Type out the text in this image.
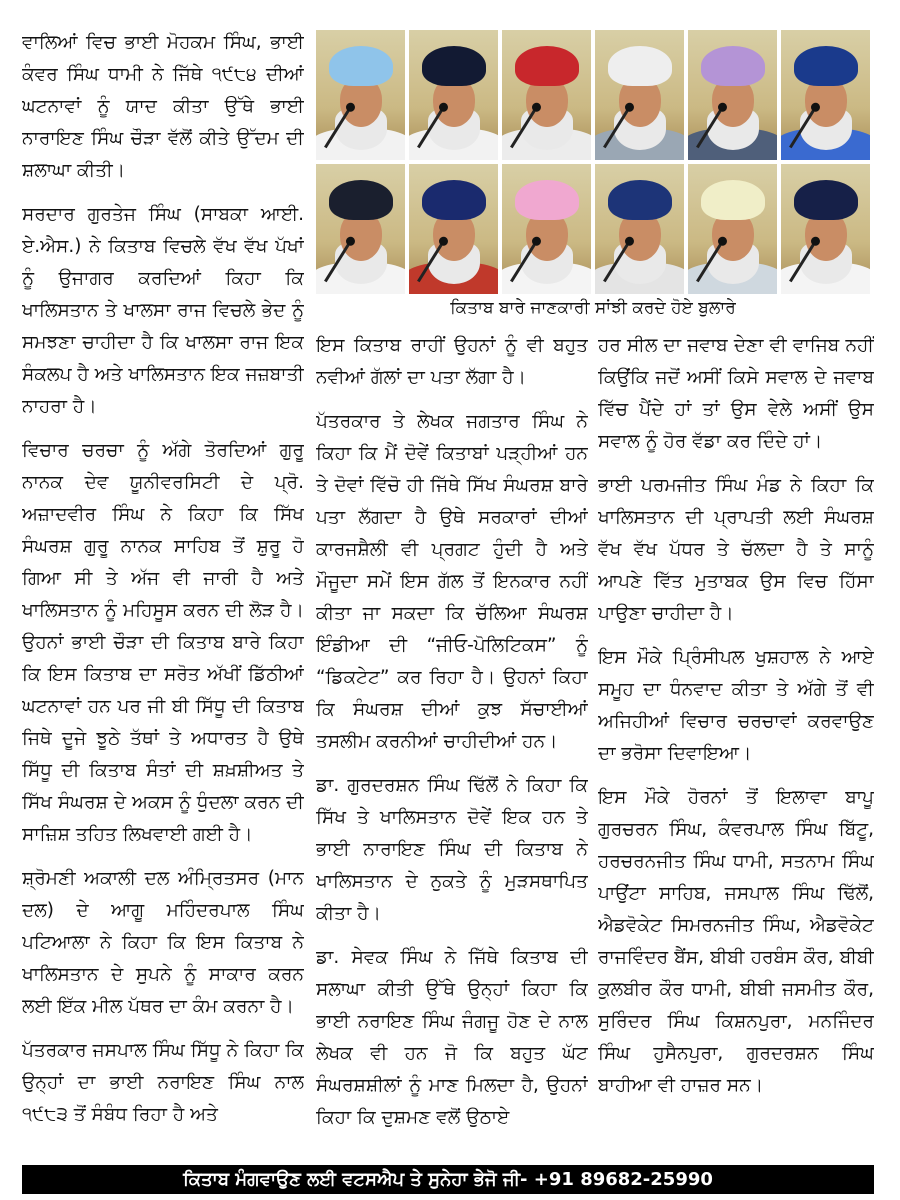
ਵਾਲਿਆਂ ਵਿਚ ਭਾਈ ਮੋਹਕਮ ਸਿੰਘ, ਭਾਈ ਕੰਵਰ ਸਿੰਘ ਧਾਮੀ ਨੇ ਜਿੱਥੇ ੧੯੮੪ ਦੀਆਂ ਘਟਨਾਵਾਂ ਨੂੰ ਯਾਦ ਕੀਤਾ ਉੱਥੇ ਭਾਈ ਨਾਰਾਇਣ ਸਿੰਘ ਚੌੜਾ ਵੱਲੋਂ ਕੀਤੇ ਉੱਦਮ ਦੀ ਸ਼ਲਾਘਾ ਕੀਤੀ।

ਸਰਦਾਰ ਗੁਰਤੇਜ ਸਿੰਘ (ਸਾਬਕਾ ਆਈ. ਏ.ਐਸ.) ਨੇ ਕਿਤਾਬ ਵਿਚਲੇ ਵੱਖ ਵੱਖ ਪੱਖਾਂ ਨੂੰ ਉਜਾਗਰ ਕਰਦਿਆਂ ਕਿਹਾ ਕਿ ਖਾਲਿਸਤਾਨ ਤੇ ਖਾਲਸਾ ਰਾਜ ਵਿਚਲੇ ਭੇਦ ਨੂੰ ਸਮਝਣਾ ਚਾਹੀਦਾ ਹੈ ਕਿ ਖਾਲਸਾ ਰਾਜ ਇਕ ਸੰਕਲਪ ਹੈ ਅਤੇ ਖਾਲਿਸਤਾਨ ਇਕ ਜਜ਼ਬਾਤੀ ਨਾਹਰਾ ਹੈ।

ਵਿਚਾਰ ਚਰਚਾ ਨੂੰ ਅੱਗੇ ਤੋਰਦਿਆਂ ਗੁਰੂ ਨਾਨਕ ਦੇਵ ਯੂਨੀਵਰਸਿਟੀ ਦੇ ਪ੍ਰੋ. ਅਜ਼ਾਦਵੀਰ ਸਿੰਘ ਨੇ ਕਿਹਾ ਕਿ ਸਿੱਖ ਸੰਘਰਸ਼ ਗੁਰੂ ਨਾਨਕ ਸਾਹਿਬ ਤੋਂ ਸ਼ੁਰੂ ਹੋ ਗਿਆ ਸੀ ਤੇ ਅੱਜ ਵੀ ਜਾਰੀ ਹੈ ਅਤੇ ਖਾਲਿਸਤਾਨ ਨੂੰ ਮਹਿਸੂਸ ਕਰਨ ਦੀ ਲੋੜ ਹੈ। ਉਹਨਾਂ ਭਾਈ ਚੌੜਾ ਦੀ ਕਿਤਾਬ ਬਾਰੇ ਕਿਹਾ ਕਿ ਇਸ ਕਿਤਾਬ ਦਾ ਸਰੋਤ ਅੱਖੀਂ ਡਿੱਠੀਆਂ ਘਟਨਾਵਾਂ ਹਨ ਪਰ ਜੀ ਬੀ ਸਿੱਧੂ ਦੀ ਕਿਤਾਬ ਜਿਥੇ ਦੂਜੇ ਝੂਠੇ ਤੱਥਾਂ ਤੇ ਅਧਾਰਤ ਹੈ ਉਥੇ ਸਿੱਧੂ ਦੀ ਕਿਤਾਬ ਸੰਤਾਂ ਦੀ ਸ਼ਖ਼ਸ਼ੀਅਤ ਤੇ ਸਿੱਖ ਸੰਘਰਸ਼ ਦੇ ਅਕਸ ਨੂੰ ਧੁੰਦਲਾ ਕਰਨ ਦੀ ਸਾਜ਼ਿਸ਼ ਤਹਿਤ ਲਿਖਵਾਈ ਗਈ ਹੈ।

ਸ਼੍ਰੋਮਣੀ ਅਕਾਲੀ ਦਲ ਅੰਮ੍ਰਿਤਸਰ (ਮਾਨ ਦਲ) ਦੇ ਆਗੂ ਮਹਿੰਦਰਪਾਲ ਸਿੰਘ ਪਟਿਆਲਾ ਨੇ ਕਿਹਾ ਕਿ ਇਸ ਕਿਤਾਬ ਨੇ ਖਾਲਿਸਤਾਨ ਦੇ ਸੁਪਨੇ ਨੂੰ ਸਾਕਾਰ ਕਰਨ ਲਈ ਇੱਕ ਮੀਲ ਪੱਥਰ ਦਾ ਕੰਮ ਕਰਨਾ ਹੈ।

ਪੱਤਰਕਾਰ ਜਸਪਾਲ ਸਿੰਘ ਸਿੱਧੂ ਨੇ ਕਿਹਾ ਕਿ ਉਨ੍ਹਾਂ ਦਾ ਭਾਈ ਨਰਾਇਣ ਸਿੰਘ ਨਾਲ ੧੯੮੩ ਤੋਂ ਸੰਬੰਧ ਰਿਹਾ ਹੈ ਅਤੇ

ਕਿਤਾਬ ਬਾਰੇ ਜਾਣਕਾਰੀ ਸਾਂਝੀ ਕਰਦੇ ਹੋਏ ਬੁਲਾਰੇ

ਇਸ ਕਿਤਾਬ ਰਾਹੀਂ ਉਹਨਾਂ ਨੂੰ ਵੀ ਬਹੁਤ ਨਵੀਆਂ ਗੱਲਾਂ ਦਾ ਪਤਾ ਲੱਗਾ ਹੈ।

ਪੱਤਰਕਾਰ ਤੇ ਲੇਖਕ ਜਗਤਾਰ ਸਿੰਘ ਨੇ ਕਿਹਾ ਕਿ ਮੈਂ ਦੋਵੇਂ ਕਿਤਾਬਾਂ ਪੜ੍ਹੀਆਂ ਹਨ ਤੇ ਦੋਵਾਂ ਵਿੱਚੋ ਹੀ ਜਿੱਥੇ ਸਿੱਖ ਸੰਘਰਸ਼ ਬਾਰੇ ਪਤਾ ਲੱਗਦਾ ਹੈ ਉਥੇ ਸਰਕਾਰਾਂ ਦੀਆਂ ਕਾਰਜਸ਼ੈਲੀ ਵੀ ਪ੍ਰਗਟ ਹੁੰਦੀ ਹੈ ਅਤੇ ਮੌਜੂਦਾ ਸਮੇਂ ਇਸ ਗੱਲ ਤੋਂ ਇਨਕਾਰ ਨਹੀਂ ਕੀਤਾ ਜਾ ਸਕਦਾ ਕਿ ਚੱਲਿਆ ਸੰਘਰਸ਼ ਇੰਡੀਆ ਦੀ “ਜੀਓ-ਪੋਲਿਟਿਕਸ” ਨੂੰ “ਡਿਕਟੇਟ” ਕਰ ਰਿਹਾ ਹੈ। ਉਹਨਾਂ ਕਿਹਾ ਕਿ ਸੰਘਰਸ਼ ਦੀਆਂ ਕੁਝ ਸੱਚਾਈਆਂ ਤਸਲੀਮ ਕਰਨੀਆਂ ਚਾਹੀਦੀਆਂ ਹਨ।

ਡਾ. ਗੁਰਦਰਸ਼ਨ ਸਿੰਘ ਢਿੱਲੋਂ ਨੇ ਕਿਹਾ ਕਿ ਸਿੱਖ ਤੇ ਖਾਲਿਸਤਾਨ ਦੋਵੇਂ ਇਕ ਹਨ ਤੇ ਭਾਈ ਨਾਰਾਇਣ ਸਿੰਘ ਦੀ ਕਿਤਾਬ ਨੇ ਖਾਲਿਸਤਾਨ ਦੇ ਨੁਕਤੇ ਨੂੰ ਮੁੜਸਥਾਪਿਤ ਕੀਤਾ ਹੈ।

ਡਾ. ਸੇਵਕ ਸਿੰਘ ਨੇ ਜਿੱਥੇ ਕਿਤਾਬ ਦੀ ਸਲਾਘਾ ਕੀਤੀ ਉੱਥੇ ਉਨ੍ਹਾਂ ਕਿਹਾ ਕਿ ਭਾਈ ਨਰਾਇਣ ਸਿੰਘ ਜੰਗਜੂ ਹੋਣ ਦੇ ਨਾਲ ਲੇਖਕ ਵੀ ਹਨ ਜੋ ਕਿ ਬਹੁਤ ਘੱਟ ਸੰਘਰਸ਼ਸ਼ੀਲਾਂ ਨੂੰ ਮਾਣ ਮਿਲਦਾ ਹੈ, ਉਹਨਾਂ ਕਿਹਾ ਕਿ ਦੁਸ਼ਮਣ ਵਲੋਂ ਉਠਾਏ

ਹਰ ਸੀਲ ਦਾ ਜਵਾਬ ਦੇਣਾ ਵੀ ਵਾਜਿਬ ਨਹੀਂ ਕਿਉਂਕਿ ਜਦੋਂ ਅਸੀਂ ਕਿਸੇ ਸਵਾਲ ਦੇ ਜਵਾਬ ਵਿੱਚ ਪੈਂਦੇ ਹਾਂ ਤਾਂ ਉਸ ਵੇਲੇ ਅਸੀਂ ਉਸ ਸਵਾਲ ਨੂੰ ਹੋਰ ਵੱਡਾ ਕਰ ਦਿੰਦੇ ਹਾਂ।

ਭਾਈ ਪਰਮਜੀਤ ਸਿੰਘ ਮੰਡ ਨੇ ਕਿਹਾ ਕਿ ਖਾਲਿਸਤਾਨ ਦੀ ਪ੍ਰਾਪਤੀ ਲਈ ਸੰਘਰਸ਼ ਵੱਖ ਵੱਖ ਪੱਧਰ ਤੇ ਚੱਲਦਾ ਹੈ ਤੇ ਸਾਨੂੰ ਆਪਣੇ ਵਿੱਤ ਮੁਤਾਬਕ ਉਸ ਵਿਚ ਹਿੱਸਾ ਪਾਉਣਾ ਚਾਹੀਦਾ ਹੈ।

ਇਸ ਮੌਕੇ ਪ੍ਰਿੰਸੀਪਲ ਖੁਸ਼ਹਾਲ ਨੇ ਆਏ ਸਮੂਹ ਦਾ ਧੰਨਵਾਦ ਕੀਤਾ ਤੇ ਅੱਗੇ ਤੋਂ ਵੀ ਅਜਿਹੀਆਂ ਵਿਚਾਰ ਚਰਚਾਵਾਂ ਕਰਵਾਉਣ ਦਾ ਭਰੋਸਾ ਦਿਵਾਇਆ।

ਇਸ ਮੌਕੇ ਹੋਰਨਾਂ ਤੋਂ ਇਲਾਵਾ ਬਾਪੂ ਗੁਰਚਰਨ ਸਿੰਘ, ਕੰਵਰਪਾਲ ਸਿੰਘ ਬਿੱਟੂ, ਹਰਚਰਨਜੀਤ ਸਿੰਘ ਧਾਮੀ, ਸਤਨਾਮ ਸਿੰਘ ਪਾਉਂਟਾ ਸਾਹਿਬ, ਜਸਪਾਲ ਸਿੰਘ ਢਿੱਲੋਂ, ਐਡਵੋਕੇਟ ਸਿਮਰਨਜੀਤ ਸਿੰਘ, ਐਡਵੋਕੇਟ ਰਾਜਵਿੰਦਰ ਬੈਂਸ, ਬੀਬੀ ਹਰਬੰਸ ਕੌਰ, ਬੀਬੀ ਕੁਲਬੀਰ ਕੌਰ ਧਾਮੀ, ਬੀਬੀ ਜਸਮੀਤ ਕੌਰ, ਸੁਰਿੰਦਰ ਸਿੰਘ ਕਿਸ਼ਨਪੁਰਾ, ਮਨਜਿੰਦਰ ਸਿੰਘ ਹੁਸੈਨਪੁਰਾ, ਗੁਰਦਰਸ਼ਨ ਸਿੰਘ ਬਾਹੀਆ ਵੀ ਹਾਜ਼ਰ ਸਨ।

ਕਿਤਾਬ ਮੰਗਵਾਉਣ ਲਈ ਵਟਸਐਪ ਤੇ ਸੁਨੇਹਾ ਭੇਜੋ ਜੀ- +91 89682-25990
